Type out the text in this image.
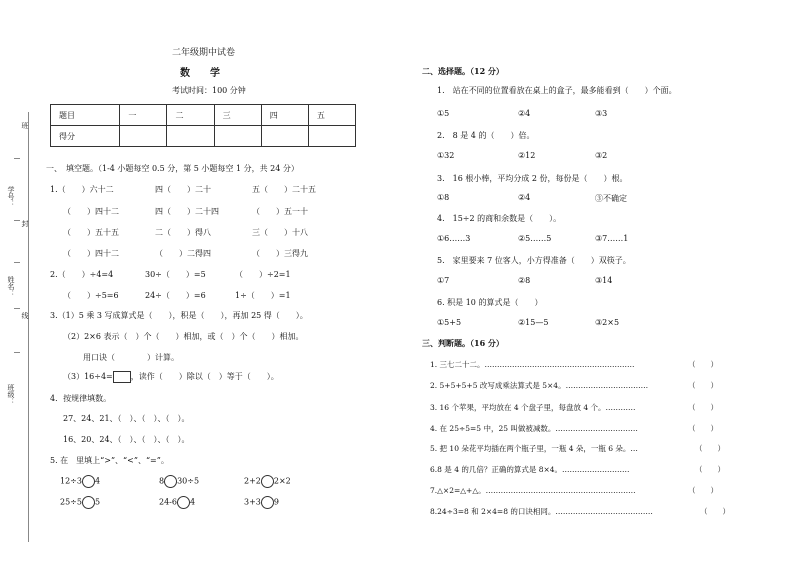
班
学号：
封
姓名：
线
班级：
二年级期中试卷
数　　学
考试时间：100 分钟
题目	一	二	三	四	五
得分					
一、　填空题。（1-4 小题每空 0.5 分，第 5 小题每空 1 分，共 24 分）
1.（　　）六十二	四（　　）二十	五（　　）二十五
（　　）四十二	四（　　）二十四	（　　）五一十
（　　）五十五	二（　　）得八	三（　　）十八
（　　）四十二	（　　）二得四	（　　）三得九
2.（　　）÷4=4	30÷（　　）=5	（　　）÷2=1
（　　）÷5=6	24÷（　　）=6	1÷（　　）=1
3.（1）5 乘 3 写成算式是（　　），积是（　　），再加 25 得（　　）。
（2）2×6 表示（　）个（　　）相加，或（　）个（　　）相加。
用口诀（　　　　）计算。
（3）16÷4= ，读作（　　）除以（　）等于（　　）。
4．按规律填数。
27、24、21、（　）、（　）、（　）。
16、20、24、（　）、（　）、（　）。
5. 在　里填上“>”、“<”、“=”。
12÷3 4	8 30÷5	2+2 2×2
25÷5 5	24-6 4	3+3 9
二、选择题。（12 分）
1.　站在不同的位置看放在桌上的盒子，最多能看到（　　）个面。
①5	②4	③3
2.　8 是 4 的（　　）倍。
①32	②12	③2
3.　16 根小棒，平均分成 2 份，每份是（　　）根。
①8	②4	③不确定
4.　15÷2 的商和余数是（　　）。
①6……3	②5……5	③7……1
5.　家里要来 7 位客人，小方得准备（　　）双筷子。
①7	②8	③14
6. 积是 10 的算式是（　　）
①5+5	②15—5	③2×5
三、判断题。（16 分）
1. 三七二十二。……………………………………………………	（　　）
2. 5+5+5+5 改写成乘法算式是 5×4。……………………………	（　　）
3. 16 个苹果，平均放在 4 个盘子里，每盘放 4 个。…………	（　　）
4. 在 25÷5=5 中，25 叫做被减数。……………………………	（　　）
5. 把 10 朵花平均插在两个瓶子里，一瓶 4 朵，一瓶 6 朵。…	（　　）
6.8 是 4 的几倍？正确的算式是 8×4。………………………	（　　）
7.△×2=△+△。……………………………………………………	（　　）
8.24÷3=8 和 2×4=8 的口诀相同。…………………………………	（　　）
